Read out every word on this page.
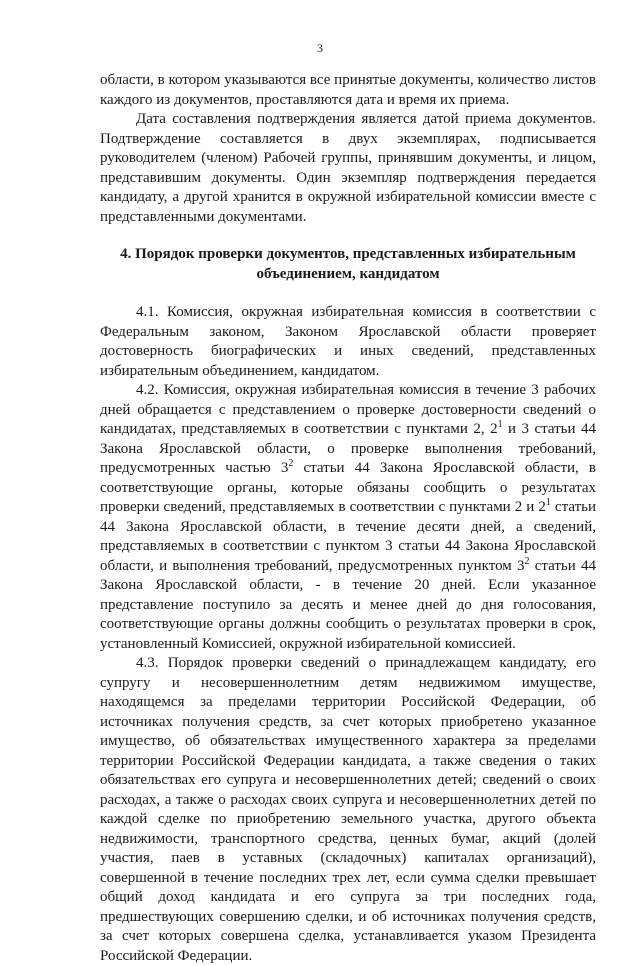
3

области, в котором указываются все принятые документы, количество листов каждого из документов, проставляются дата и время их приема.

Дата составления подтверждения является датой приема документов. Подтверждение составляется в двух экземплярах, подписывается руководителем (членом) Рабочей группы, принявшим документы, и лицом, представившим документы. Один экземпляр подтверждения передается кандидату, а другой хранится в окружной избирательной комиссии вместе с представленными документами.

4. Порядок проверки документов, представленных избирательным объединением, кандидатом

4.1. Комиссия, окружная избирательная комиссия в соответствии с Федеральным законом, Законом Ярославской области проверяет достоверность биографических и иных сведений, представленных избирательным объединением, кандидатом.

4.2. Комиссия, окружная избирательная комиссия в течение 3 рабочих дней обращается с представлением о проверке достоверности сведений о кандидатах, представляемых в соответствии с пунктами 2, $2^1$ и 3 статьи 44 Закона Ярославской области, о проверке выполнения требований, предусмотренных частью $3^2$ статьи 44 Закона Ярославской области, в соответствующие органы, которые обязаны сообщить о результатах проверки сведений, представляемых в соответствии с пунктами 2 и $2^1$ статьи 44 Закона Ярославской области, в течение десяти дней, а сведений, представляемых в соответствии с пунктом 3 статьи 44 Закона Ярославской области, и выполнения требований, предусмотренных пунктом $3^2$ статьи 44 Закона Ярославской области, - в течение 20 дней. Если указанное представление поступило за десять и менее дней до дня голосования, соответствующие органы должны сообщить о результатах проверки в срок, установленный Комиссией, окружной избирательной комиссией.

4.3. Порядок проверки сведений о принадлежащем кандидату, его супругу и несовершеннолетним детям недвижимом имуществе, находящемся за пределами территории Российской Федерации, об источниках получения средств, за счет которых приобретено указанное имущество, об обязательствах имущественного характера за пределами территории Российской Федерации кандидата, а также сведения о таких обязательствах его супруга и несовершеннолетних детей; сведений о своих расходах, а также о расходах своих супруга и несовершеннолетних детей по каждой сделке по приобретению земельного участка, другого объекта недвижимости, транспортного средства, ценных бумаг, акций (долей участия, паев в уставных (складочных) капиталах организаций), совершенной в течение последних трех лет, если сумма сделки превышает общий доход кандидата и его супруга за три последних года, предшествующих совершению сделки, и об источниках получения средств, за счет которых совершена сделка, устанавливается указом Президента Российской Федерации.
